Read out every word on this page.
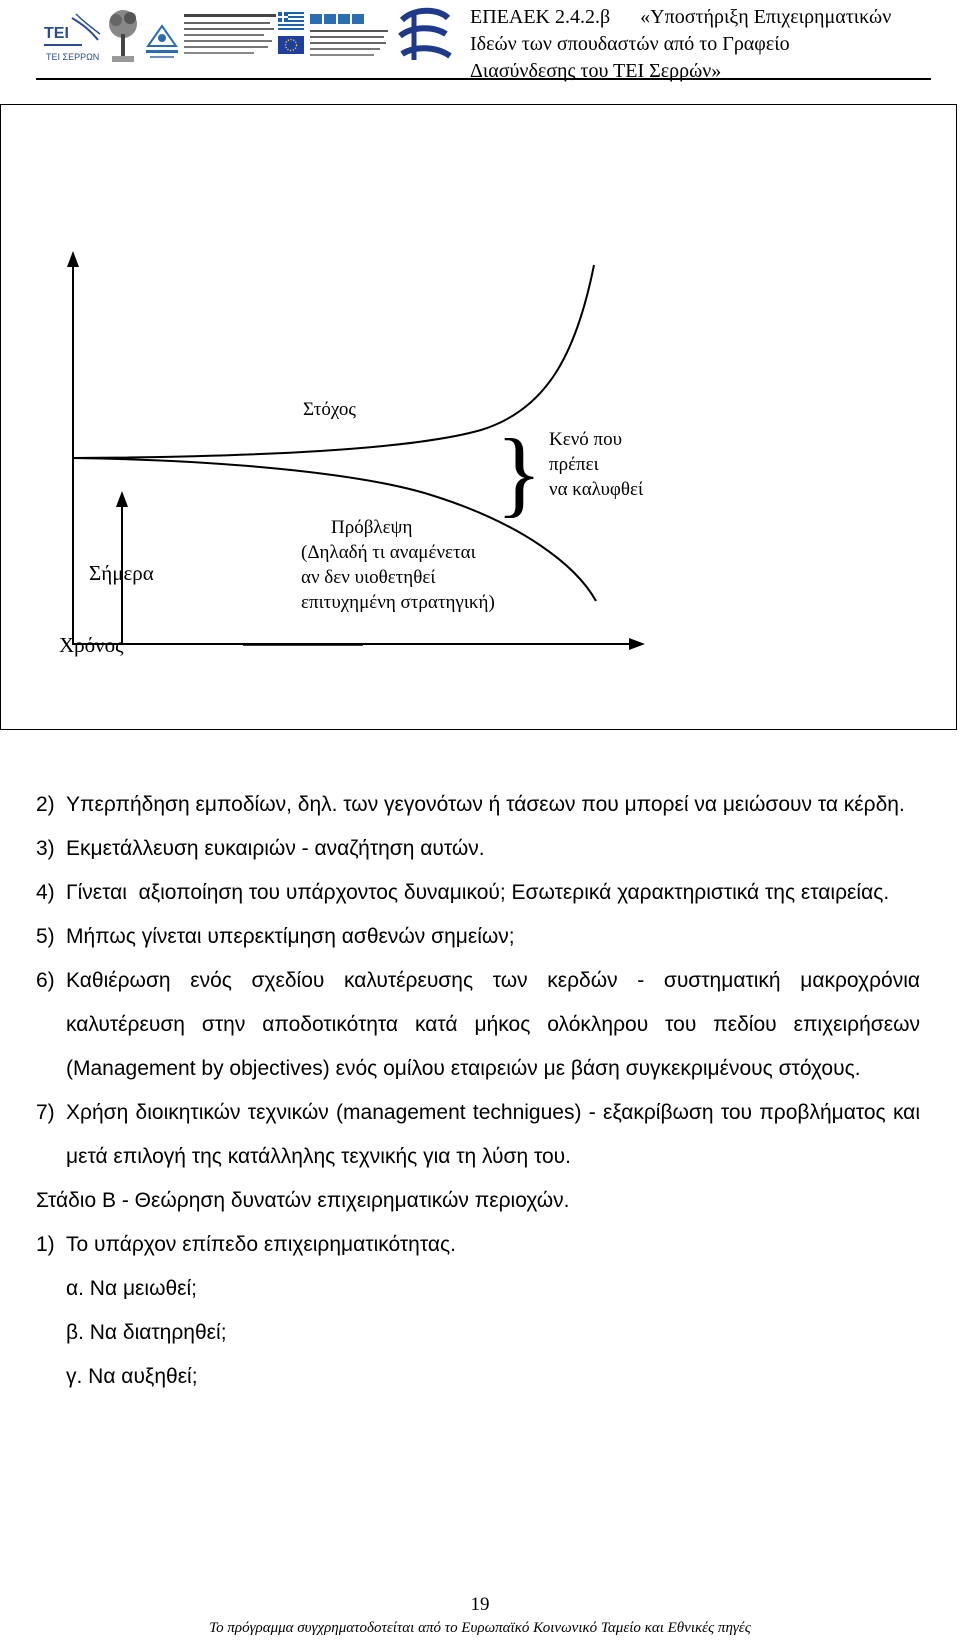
TEI
ΤΕΙ ΣΕΡΡΩΝ
ΕΠΕΑΕΚ 2.4.2.β      «Υποστήριξη Επιχειρηματικών
Ιδεών των σπουδαστών από το Γραφείο
Διασύνδεσης του ΤΕΙ Σερρών»
}
Στόχος
Κενό που
πρέπει
να καλυφθεί
Πρόβλεψη
(Δηλαδή τι αναμένεται
αν δεν υιοθετηθεί
επιτυχημένη στρατηγική)
Σήμερα
Χρόνος
2) Υπερπήδηση εμποδίων, δηλ. των γεγονότων ή τάσεων που μπορεί να μειώσουν τα κέρδη.
3) Εκμετάλλευση ευκαιριών - αναζήτηση αυτών.
4) Γίνεται  αξιοποίηση του υπάρχοντος δυναμικού; Εσωτερικά χαρακτηριστικά της εταιρείας.
5) Μήπως γίνεται υπερεκτίμηση ασθενών σημείων;
6) Καθιέρωση ενός σχεδίου καλυτέρευσης των κερδών - συστηματική μακροχρόνια καλυτέρευση στην αποδοτικότητα κατά μήκος ολόκληρου του πεδίου επιχειρήσεων (Management by objectives) ενός ομίλου εταιρειών με βάση συγκεκριμένους στόχους.
7) Χρήση διοικητικών τεχνικών (management technigues) - εξακρίβωση του προβλήματος και μετά επιλογή της κατάλληλης τεχνικής για τη λύση του.
Στάδιο Β - Θεώρηση δυνατών επιχειρηματικών περιοχών.
1) Το υπάρχον επίπεδο επιχειρηματικότητας.
α. Να μειωθεί;
β. Να διατηρηθεί;
γ. Να αυξηθεί;
19
Το πρόγραμμα συγχρηματοδοτείται από το Ευρωπαϊκό Κοινωνικό Ταμείο και Εθνικές πηγές
